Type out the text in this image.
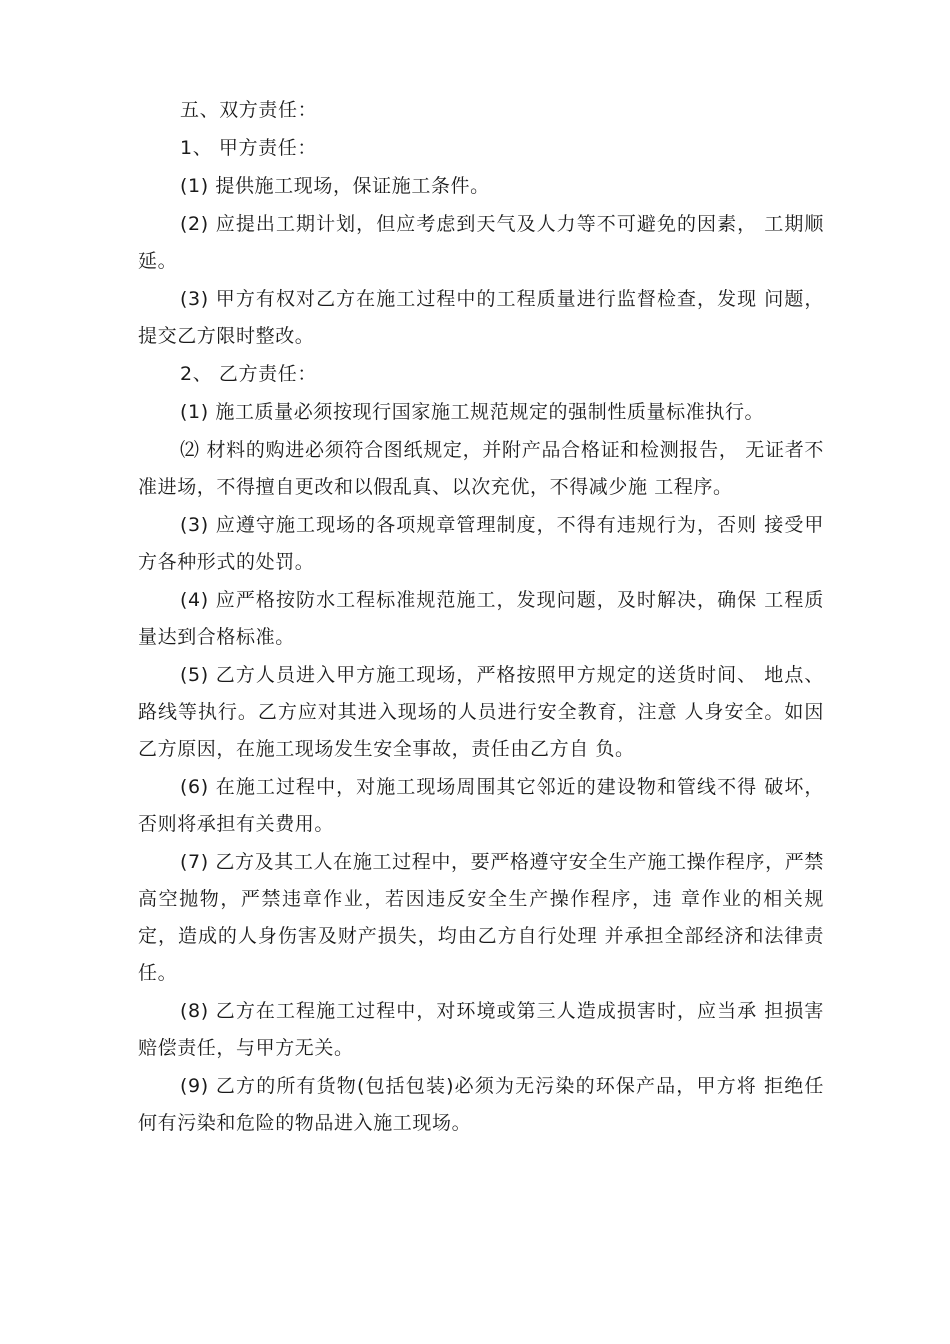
五、双方责任：

1、 甲方责任：

(1) 提供施工现场，保证施工条件。

(2) 应提出工期计划，但应考虑到天气及人力等不可避免的因素， 工期顺延。

(3) 甲方有权对乙方在施工过程中的工程质量进行监督检查，发现 问题，提交乙方限时整改。

2、 乙方责任：

(1) 施工质量必须按现行国家施工规范规定的强制性质量标准执行。

⑵ 材料的购进必须符合图纸规定，并附产品合格证和检测报告， 无证者不准进场，不得擅自更改和以假乱真、以次充优，不得减少施 工程序。

(3) 应遵守施工现场的各项规章管理制度，不得有违规行为，否则 接受甲方各种形式的处罚。

(4) 应严格按防水工程标准规范施工，发现问题，及时解决，确保 工程质量达到合格标准。

(5) 乙方人员进入甲方施工现场，严格按照甲方规定的送货时间、 地点、路线等执行。乙方应对其进入现场的人员进行安全教育，注意 人身安全。如因乙方原因，在施工现场发生安全事故，责任由乙方自 负。

(6) 在施工过程中，对施工现场周围其它邻近的建设物和管线不得 破坏，否则将承担有关费用。

(7) 乙方及其工人在施工过程中，要严格遵守安全生产施工操作程序，严禁高空抛物，严禁违章作业，若因违反安全生产操作程序，违 章作业的相关规定，造成的人身伤害及财产损失，均由乙方自行处理 并承担全部经济和法律责任。

(8) 乙方在工程施工过程中，对环境或第三人造成损害时，应当承 担损害赔偿责任，与甲方无关。

(9) 乙方的所有货物(包括包装)必须为无污染的环保产品，甲方将 拒绝任何有污染和危险的物品进入施工现场。
